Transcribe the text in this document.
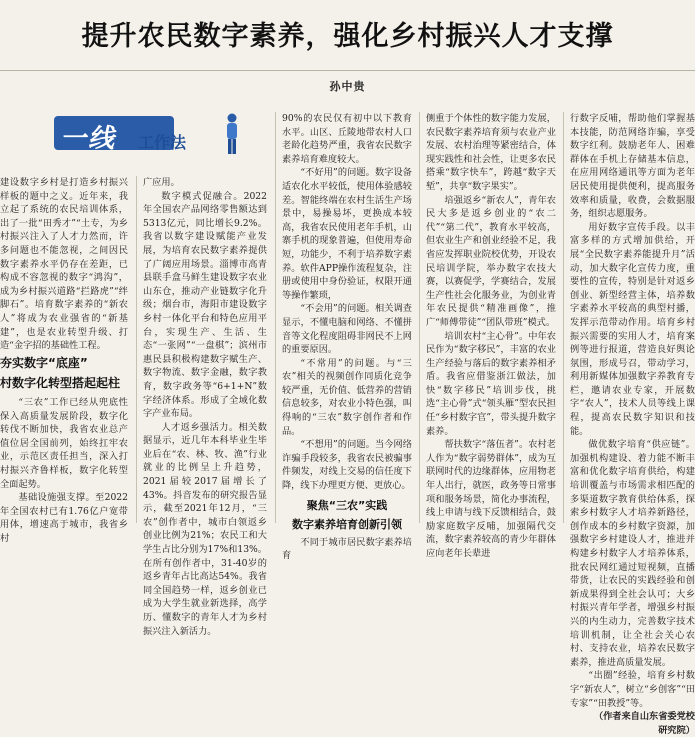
提升农民数字素养，强化乡村振兴人才支撑
孙中贵
一线 工作法

建设数字乡村是打造乡村振兴样板的题中之义。近年来，我立起了系统的农民培训体系，出了一批“田秀才”“土专，为乡村振兴注入了人才力然而，许多问题也不能忽视，之间因民数字素养水平仍存在差距，已构成不容忽视的数字“鸿沟”，成为乡村振兴道路“拦路虎”“绊脚石”。培育数字素养的“新农人”将成为农业强省的“新基建”，也是农业转型升级、打造“金字招的基础性工程。

夯实数字“底座”
村数字化转型搭起起柱

“三农”工作已经从兜底性保入高质量发展阶段，数字化转伐不断加快，我省农业总产值位居全国前列，始终扛牢农业，示范区责任担当，深入打村振兴齐鲁样板，数字化转型全面起势。

基础设施强支撑。至2022年全国农村已有1.76亿户宽带用体，增速高于城市，我省乡村

广应用。

数字模式促融合。2022年全国农产品网络零售额达到5313亿元，同比增长9.2%。我省以数字建设赋能产业发展，为培育农民数字素养提供了广阔应用场景。淄博市高青县联手盒马鲜生建设数字农业山东仓，推动产业链数字化升级；烟台市，海阳市建设数字乡村一体化平台和特色应用平台，实现生产、生活、生态“一张网”“一盘棋”；滨州市惠民县积极构建数字赋生产、数字物流、数字金融，数字教育，数字政务等“6+1+N”数字经济体系。形成了全域化数字产业布局。

人才返乡强活力。相关数据显示，近几年本科毕业生毕业后在“农、林、牧、渔”行业就业的比例呈上升趋势，2021届较2017届增长了43%。抖音发布的研究报告显示，截至2021年12月，“三农”创作者中，城市白领返乡创业比例为21%；农民工和大学生占比分别为17%和13%。在所有创作者中，31-40岁的返乡青年占比高达54%。我省同全国趋势一样，返乡创业已成为大学生就业新选择，高学历、懂数字的青年人才为乡村振兴注入新活力。

90%的农民仅有初中以下教育水平。山区、丘陵地带农村人口老龄化趋势严重，我省农民数字素养培育难度较大。

“不好用”的问题。数字设备适农化水平较低，使用体验感较差。智能终端在农村生活生产场景中，易操易坏，更换成本较高，我省农民使用老年手机，山寨手机的现象普遍，但使用寿命短，功能少，不利于培养数字素养。软件APP操作流程复杂，注册或使用中身份验证，权限开通等操作繁琐，

“不会用”的问题。相关调查显示，不懂电脑和网络、不懂拼音等文化程度阻碍非网民不上网的重要原因。

“不常用”的问题。与“三农”相关的视频创作同质化竞争较严重，无价值、低营养的营销信息较多，对农业小特色强，叫得响的“三农”数字创作者和作品。

“不想用”的问题。当今网络诈骗手段较多，我省农民被骗事件频发，对线上交易的信任度下降，线下办理更方便、更放心。

聚焦“三农”实践
数字素养培育创新引领

不同于城市居民数字素养培育

侧重于个体性的数字能力发展，农民数字素养培育须与农业产业发展、农村治理等紧密结合，体现实践性和社会性，让更多农民搭乘“数字快车”，跨越“数字天堑”，共享“数字果实”。

培强返乡“新农人”，青年农民大多是返乡创业的“农二代”“第二代”，教育水平较高，但农业生产和创业经验不足，我省应发挥职业院校优势，开设农民培训学院，举办数字农技大赛，以赛促学，学赛结合，发展生产性社会化服务业，为创业青年农民提供“精准画像”，推广“师傅带徒”“团队带班”模式。

培训农村“主心骨”。中年农民作为“数字移民”，丰富的农业生产经验与落后的数字素养相矛盾。我省应借鉴浙江做法，加快“数字移民”培训步伐，挑选“主心骨”式“领头雁”型农民担任“乡村数字官”，带头提升数字素养。

帮扶数字“落伍者”。农村老人作为“数字弱势群体”，成为互联网时代的边缘群体，应用物老年人出行，就医，政务等日常事项和服务场景，简化办事流程，线上申请与线下反馈相结合，鼓励家庭数字反哺，加强隔代交流，数字素养较高的青少年群体应向老年长辈进

行数字反哺，帮助他们掌握基本技能，防范网络诈骗，享受数字红利。鼓励老年人、困难群体在手机上存储基本信息，在应用网络通讯等方面为老年居民使用提供便利，提高服务效率和质量，收费，会数据服务，组织志愿服务。

用好数字宣传手段。以丰富多样的方式增加供给，开展“全民数字素养能提升月”活动，加大数字化宣传力度，重要性的宣传，特别是针对返乡创业、新型经营主体，培养数字素养水平较高的典型村播，发挥示范带动作用。培育乡村振兴需要的实用人才，培育案例等进行报道，营造良好舆论氛围，形成号召，带动学习，利用新媒体加强数字养教育专栏，邀请农业专家，开展数字“农人”，技术人员等线上课程，提高农民数字知识和技能。

做优数字培育“供应链”。加强机构建设、着力能不断丰富和优化数字培育供给，构建培训覆盖与市场需求相匹配的多渠道数字教育供给体系，探索乡村数字人才培养新路径，创作成本的乡村数字资源，加强数字乡村建设人才，推进并构建乡村数字人才培养体系，批农民网红通过短视频，直播带货，让农民的实践经验和创新成果得到全社会认可；大乡村振兴青年学者，增强乡村振兴的内生动力，完善数字技术培训机制，让全社会关心农村、支持农业，培养农民数字素养，推进高质量发展。

“出圈”经验，培育乡村数字“新农人”，树立“乡创客”“田专家”“田教授”等。

（作者来自山东省委党校　　　研究院）
